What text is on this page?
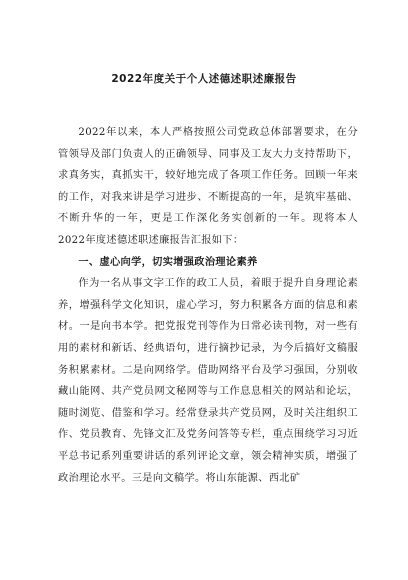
2022年度关于个人述德述职述廉报告

2022年以来，本人严格按照公司党政总体部署要求，在分管领导及部门负责人的正确领导、同事及工友大力支持帮助下，求真务实，真抓实干，较好地完成了各项工作任务。回顾一年来的工作，对我来讲是学习进步、不断提高的一年，是筑牢基础、不断升华的一年，更是工作深化务实创新的一年。现将本人2022年度述德述职述廉报告汇报如下：

一、虚心向学，切实增强政治理论素养

作为一名从事文字工作的政工人员，着眼于提升自身理论素养，增强科学文化知识，虚心学习，努力积累各方面的信息和素材。一是向书本学。把党报党刊等作为日常必读刊物，对一些有用的素材和新话、经典语句，进行摘抄记录，为今后搞好文稿服务积累素材。二是向网络学。借助网络平台及学习强国，分别收藏山能网、共产党员网文秘网等与工作息息相关的网站和论坛，随时浏览、借鉴和学习。经常登录共产党员网，及时关注组织工作、党员教育、先锋文汇及党务问答等专栏，重点围绕学习习近平总书记系列重要讲话的系列评论文章，领会精神实质，增强了政治理论水平。三是向文稿学。将山东能源、西北矿
